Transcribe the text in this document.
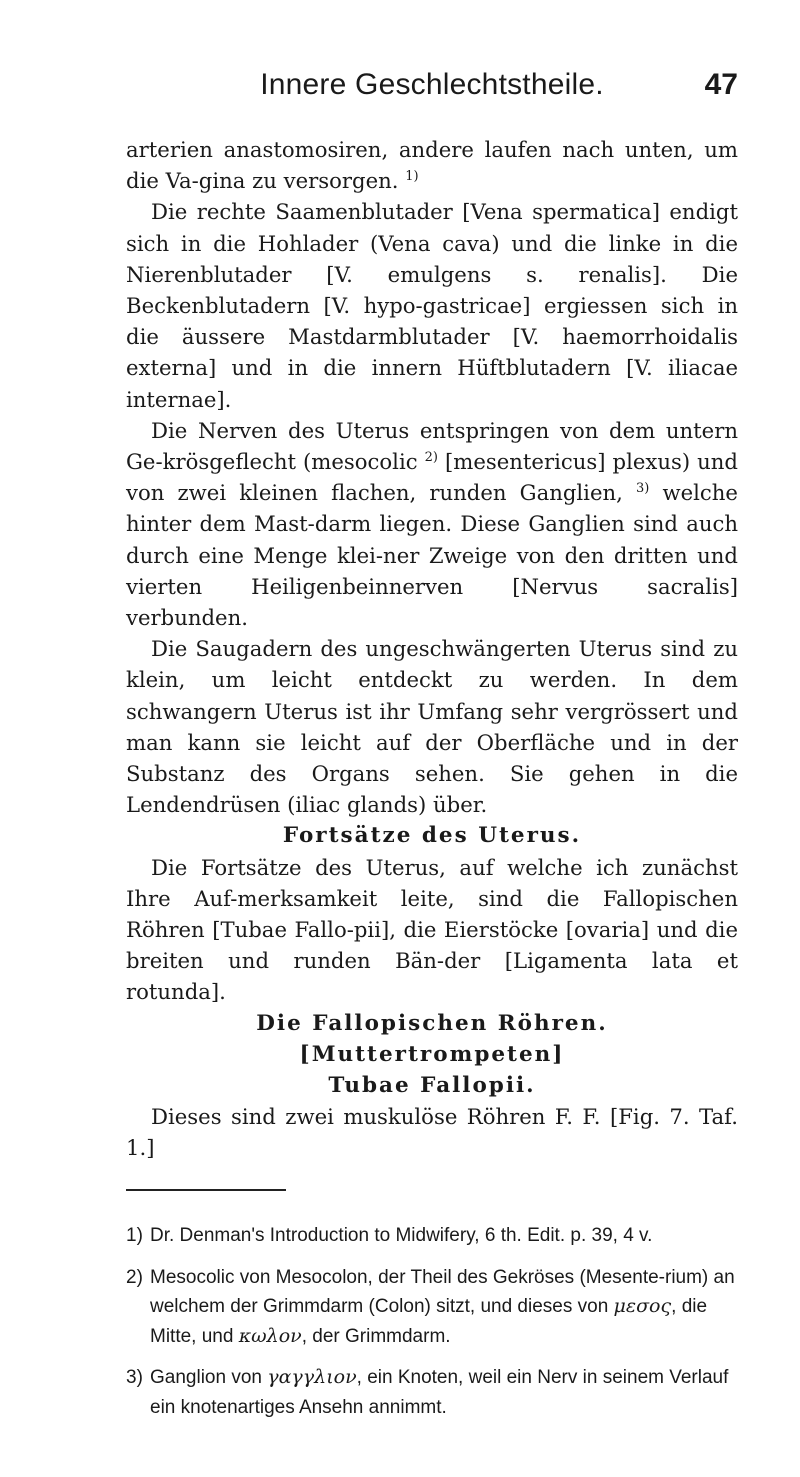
Innere Geschlechtstheile.	47

arterien anastomosiren, andere laufen nach unten, um die Va-gina zu versorgen. $^{1)}$

Die rechte Saamenblutader [Vena spermatica] endigt sich in die Hohlader (Vena cava) und die linke in die Nierenblutader [V. emulgens s. renalis]. Die Beckenblutadern [V. hypo-gastricae] ergiessen sich in die äussere Mastdarmblutader [V. haemorrhoidalis externa] und in die innern Hüftblutadern [V. iliacae internae].

Die Nerven des Uterus entspringen von dem untern Ge-krösgeflecht (mesocolic $^{2)}$ [mesentericus] plexus) und von zwei kleinen flachen, runden Ganglien, $^{3)}$ welche hinter dem Mast-darm liegen. Diese Ganglien sind auch durch eine Menge klei-ner Zweige von den dritten und vierten Heiligenbeinnerven [Nervus sacralis] verbunden.

Die Saugadern des ungeschwängerten Uterus sind zu klein, um leicht entdeckt zu werden. In dem schwangern Uterus ist ihr Umfang sehr vergrössert und man kann sie leicht auf der Oberfläche und in der Substanz des Organs sehen. Sie gehen in die Lendendrüsen (iliac glands) über.

Fortsätze des Uterus.

Die Fortsätze des Uterus, auf welche ich zunächst Ihre Auf-merksamkeit leite, sind die Fallopischen Röhren [Tubae Fallo-pii], die Eierstöcke [ovaria] und die breiten und runden Bän-der [Ligamenta lata et rotunda].

Die Fallopischen Röhren. [Muttertrompeten]
Tubae Fallopii.

Dieses sind zwei muskulöse Röhren F. F. [Fig. 7. Taf. 1.]

1) Dr. Denman's Introduction to Midwifery, 6 th. Edit. p. 39, 4 v.
2) Mesocolic von Mesocolon, der Theil des Gekröses (Mesente-rium) an welchem der Grimmdarm (Colon) sitzt, und dieses von μεσος, die Mitte, und κωλον, der Grimmdarm.
3) Ganglion von γαγγλιον, ein Knoten, weil ein Nerv in seinem Verlauf ein knotenartiges Ansehn annimmt.
